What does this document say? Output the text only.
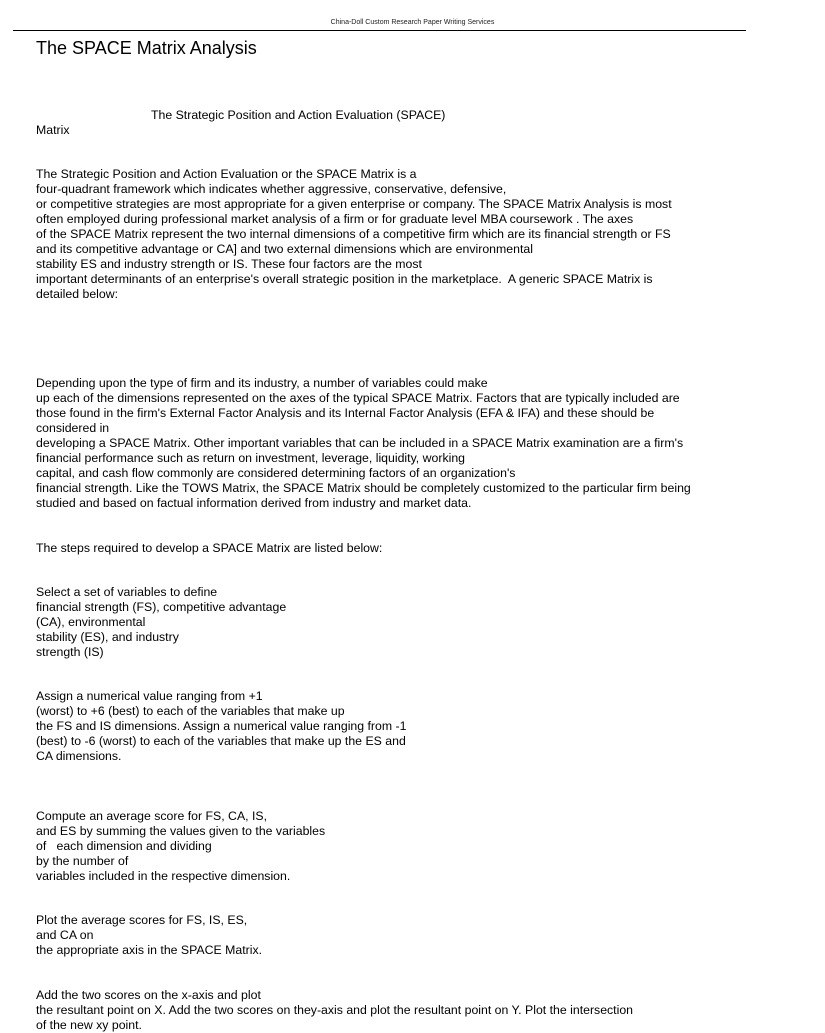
China-Doll Custom Research Paper Writing Services
The SPACE Matrix Analysis
The Strategic Position and Action Evaluation (SPACE)
Matrix
The Strategic Position and Action Evaluation or the SPACE Matrix is a
four-quadrant framework which indicates whether aggressive, conservative, defensive,
or competitive strategies are most appropriate for a given enterprise or company. The SPACE Matrix Analysis is most
often employed during professional market analysis of a firm or for graduate level MBA coursework . The axes
of the SPACE Matrix represent the two internal dimensions of a competitive firm which are its financial strength or FS
and its competitive advantage or CA] and two external dimensions which are environmental
stability ES and industry strength or IS. These four factors are the most
important determinants of an enterprise's overall strategic position in the marketplace.  A generic SPACE Matrix is
detailed below:
Depending upon the type of firm and its industry, a number of variables could make
up each of the dimensions represented on the axes of the typical SPACE Matrix. Factors that are typically included are
those found in the firm's External Factor Analysis and its Internal Factor Analysis (EFA & IFA) and these should be
considered in
developing a SPACE Matrix. Other important variables that can be included in a SPACE Matrix examination are a firm's
financial performance such as return on investment, leverage, liquidity, working
capital, and cash flow commonly are considered determining factors of an organization's
financial strength. Like the TOWS Matrix, the SPACE Matrix should be completely customized to the particular firm being
studied and based on factual information derived from industry and market data.
The steps required to develop a SPACE Matrix are listed below:
Select a set of variables to define
financial strength (FS), competitive advantage
(CA), environmental
stability (ES), and industry
strength (IS)
Assign a numerical value ranging from +1
(worst) to +6 (best) to each of the variables that make up
the FS and IS dimensions. Assign a numerical value ranging from -1
(best) to -6 (worst) to each of the variables that make up the ES and
CA dimensions.
Compute an average score for FS, CA, IS,
and ES by summing the values given to the variables
of   each dimension and dividing
by the number of
variables included in the respective dimension.
Plot the average scores for FS, IS, ES,
and CA on
the appropriate axis in the SPACE Matrix.
Add the two scores on the x-axis and plot
the resultant point on X. Add the two scores on they-axis and plot the resultant point on Y. Plot the intersection
of the new xy point.
